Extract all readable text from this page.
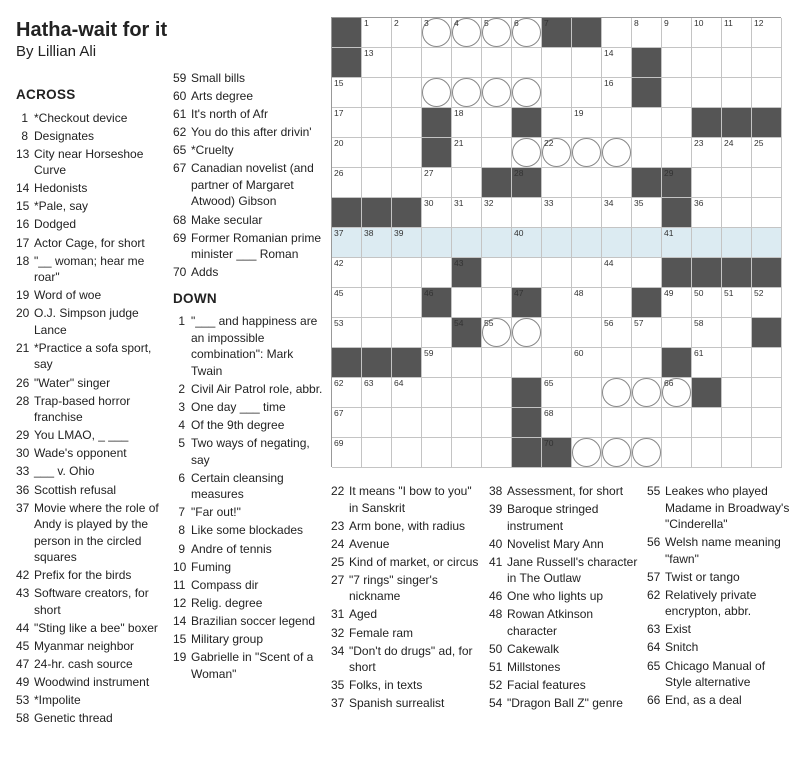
Hatha-wait for it
By Lillian Ali
ACROSS
1 *Checkout device
8 Designates
13 City near Horseshoe Curve
14 Hedonists
15 *Pale, say
16 Dodged
17 Actor Cage, for short
18 "__ woman; hear me roar"
19 Word of woe
20 O.J. Simpson judge Lance
21 *Practice a sofa sport, say
26 "Water" singer
28 Trap-based horror franchise
29 You LMAO, _ ___
30 Wade's opponent
33 ___ v. Ohio
36 Scottish refusal
37 Movie where the role of Andy is played by the person in the circled squares
42 Prefix for the birds
43 Software creators, for short
44 "Sting like a bee" boxer
45 Myanmar neighbor
47 24-hr. cash source
49 Woodwind instrument
53 *Impolite
58 Genetic thread
59 Small bills
60 Arts degree
61 It's north of Afr
62 You do this after drivin'
65 *Cruelty
67 Canadian novelist (and partner of Margaret Atwood) Gibson
68 Make secular
69 Former Romanian prime minister ___ Roman
70 Adds
DOWN
1 "___ and happiness are an impossible combination": Mark Twain
2 Civil Air Patrol role, abbr.
3 One day ___ time
4 Of the 9th degree
5 Two ways of negating, say
6 Certain cleansing measures
7 "Far out!"
8 Like some blockades
9 Andre of tennis
10 Fuming
11 Compass dir
12 Relig. degree
14 Brazilian soccer legend
15 Military group
19 Gabrielle in "Scent of a Woman"
1	2	3	4	5	6	7	8	9	10 11 12
13	14
15	16
17	18	19
20	21	22	23 24 25
26	27	28	29
30 31 32	33	34 35	36
37 38 39	40	41
42	43	44
45	46	47	48	49 50 51 52
53	54 55	56 57	58
59	60	61
62 63 64	65	66
67	68
69	70
22 It means "I bow to you" in Sanskrit
23 Arm bone, with radius
24 Avenue
25 Kind of market, or circus
27 "7 rings" singer's nickname
31 Aged
32 Female ram
34 "Don't do drugs" ad, for short
35 Folks, in texts
37 Spanish surrealist
38 Assessment, for short
39 Baroque stringed instrument
40 Novelist Mary Ann
41 Jane Russell's character in The Outlaw
46 One who lights up
48 Rowan Atkinson character
50 Cakewalk
51 Millstones
52 Facial features
54 "Dragon Ball Z" genre
55 Leakes who played Madame in Broadway's "Cinderella"
56 Welsh name meaning "fawn"
57 Twist or tango
62 Relatively private encrypton, abbr.
63 Exist
64 Snitch
65 Chicago Manual of Style alternative
66 End, as a deal
